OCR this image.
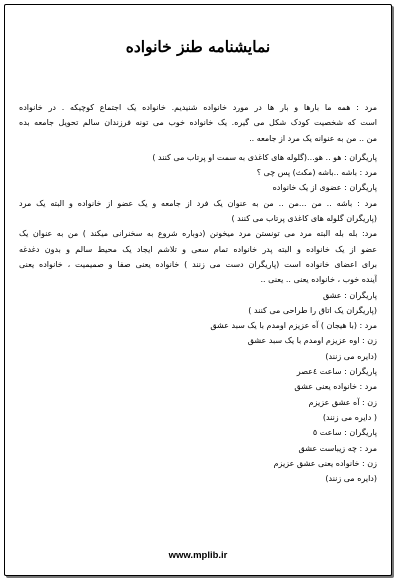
نمایشنامه طنز خانواده
مرد : همه ما بارها و بار ها در مورد خانواده شنیدیم. خانواده یک اجتماع کوچیکه . در خانواده
است که شخصیت کودک شکل می گیره. یک خانواده خوب می تونه فرزندان سالم تحویل جامعه بده
من .. من به عنوانه یک مرد از جامعه ..
پاریگران : هو .. هو...(گلوله های کاغذی به سمت او پرتاب می کنند )
مرد : باشه ..باشه (مکث) پس چی ؟
پاریگران : عضوی از یک خانواده
مرد : باشه .. من ...من .. من به عنوان یک فرد از جامعه و یک عضو از خانواده و البته یک مرد
(پاریگران گلوله های کاغذی پرتاب می کنند )
مرد: بله بله البته مرد می تونستن مرد میخونن (دوباره شروع به سخنرانی میکند ) من به عنوان یک
عضو از یک خانواده و البته پدر خانواده تمام سعی و تلاشم ایجاد یک محیط سالم و بدون دغدغه
برای اعضای خانواده است (پاریگران دست می زنند ) خانواده یعنی صفا و صمیمیت ، خانواده یعنی
آینده خوب ، خانواده یعنی .. یعنی ..
پاریگران : عشق
(پاریگران یک اتاق را طراحی می کنند )
مرد : (با هیجان ) آه عزیزم اومدم با یک سبد عشق
زن : اوه عزیزم اومدم با یک سبد عشق
(دایره می زنند)
پاریگران : ساعت ٤عصر
مرد : خانواده یعنی عشق
زن : آه عشق عزیزم
( دایره می زنند)
پاریگران : ساعت ٥
مرد : چه زیباست عشق
زن : خانواده یعنی عشق عزیزم
(دایره می زنند)
www.mplib.ir
